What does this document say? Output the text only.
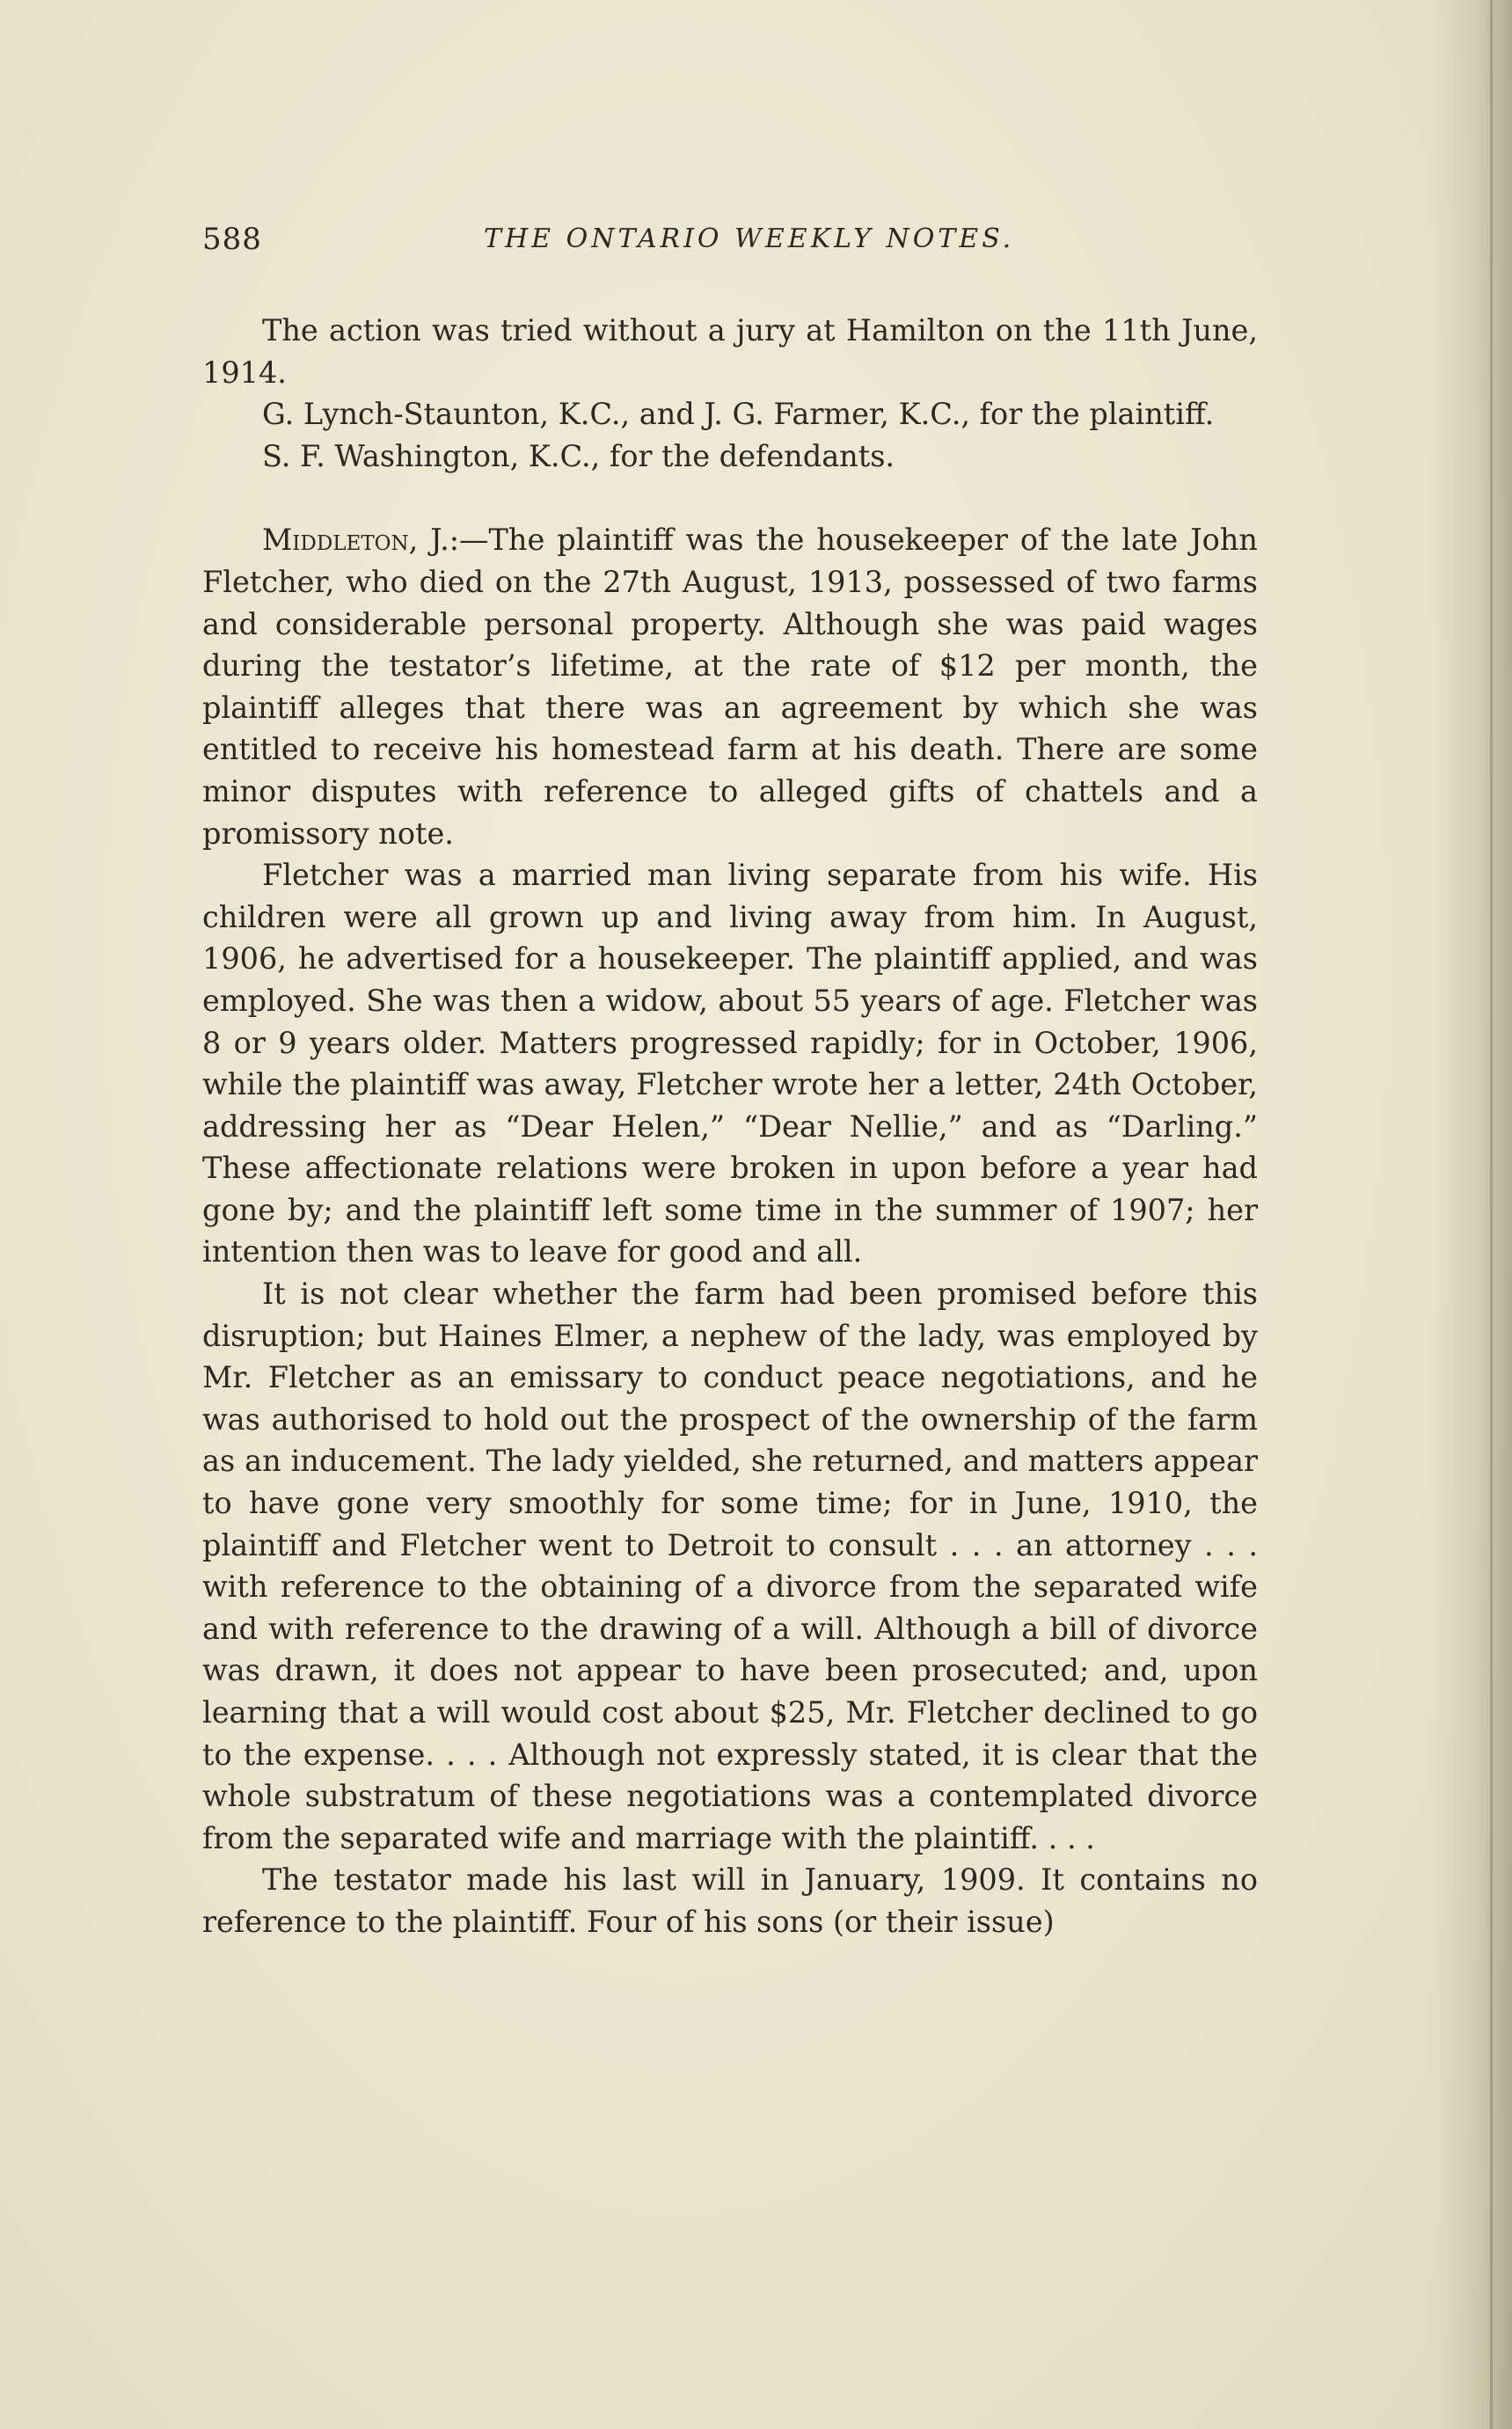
588	THE ONTARIO WEEKLY NOTES.

The action was tried without a jury at Hamilton on the 11th June, 1914.

G. Lynch-Staunton, K.C., and J. G. Farmer, K.C., for the plaintiff.

S. F. Washington, K.C., for the defendants.

Middleton, J.:—The plaintiff was the housekeeper of the late John Fletcher, who died on the 27th August, 1913, possessed of two farms and considerable personal property. Although she was paid wages during the testator’s lifetime, at the rate of $12 per month, the plaintiff alleges that there was an agreement by which she was entitled to receive his homestead farm at his death. There are some minor disputes with reference to alleged gifts of chattels and a promissory note.

Fletcher was a married man living separate from his wife. His children were all grown up and living away from him. In August, 1906, he advertised for a housekeeper. The plaintiff applied, and was employed. She was then a widow, about 55 years of age. Fletcher was 8 or 9 years older. Matters progressed rapidly; for in October, 1906, while the plaintiff was away, Fletcher wrote her a letter, 24th October, addressing her as “Dear Helen,” “Dear Nellie,” and as “Darling.” These affectionate relations were broken in upon before a year had gone by; and the plaintiff left some time in the summer of 1907; her intention then was to leave for good and all.

It is not clear whether the farm had been promised before this disruption; but Haines Elmer, a nephew of the lady, was employed by Mr. Fletcher as an emissary to conduct peace negotiations, and he was authorised to hold out the prospect of the ownership of the farm as an inducement. The lady yielded, she returned, and matters appear to have gone very smoothly for some time; for in June, 1910, the plaintiff and Fletcher went to Detroit to consult . . . an attorney . . . with reference to the obtaining of a divorce from the separated wife and with reference to the drawing of a will. Although a bill of divorce was drawn, it does not appear to have been prosecuted; and, upon learning that a will would cost about $25, Mr. Fletcher declined to go to the expense. . . . Although not expressly stated, it is clear that the whole substratum of these negotiations was a contemplated divorce from the separated wife and marriage with the plaintiff. . . .

The testator made his last will in January, 1909. It contains no reference to the plaintiff. Four of his sons (or their issue)
